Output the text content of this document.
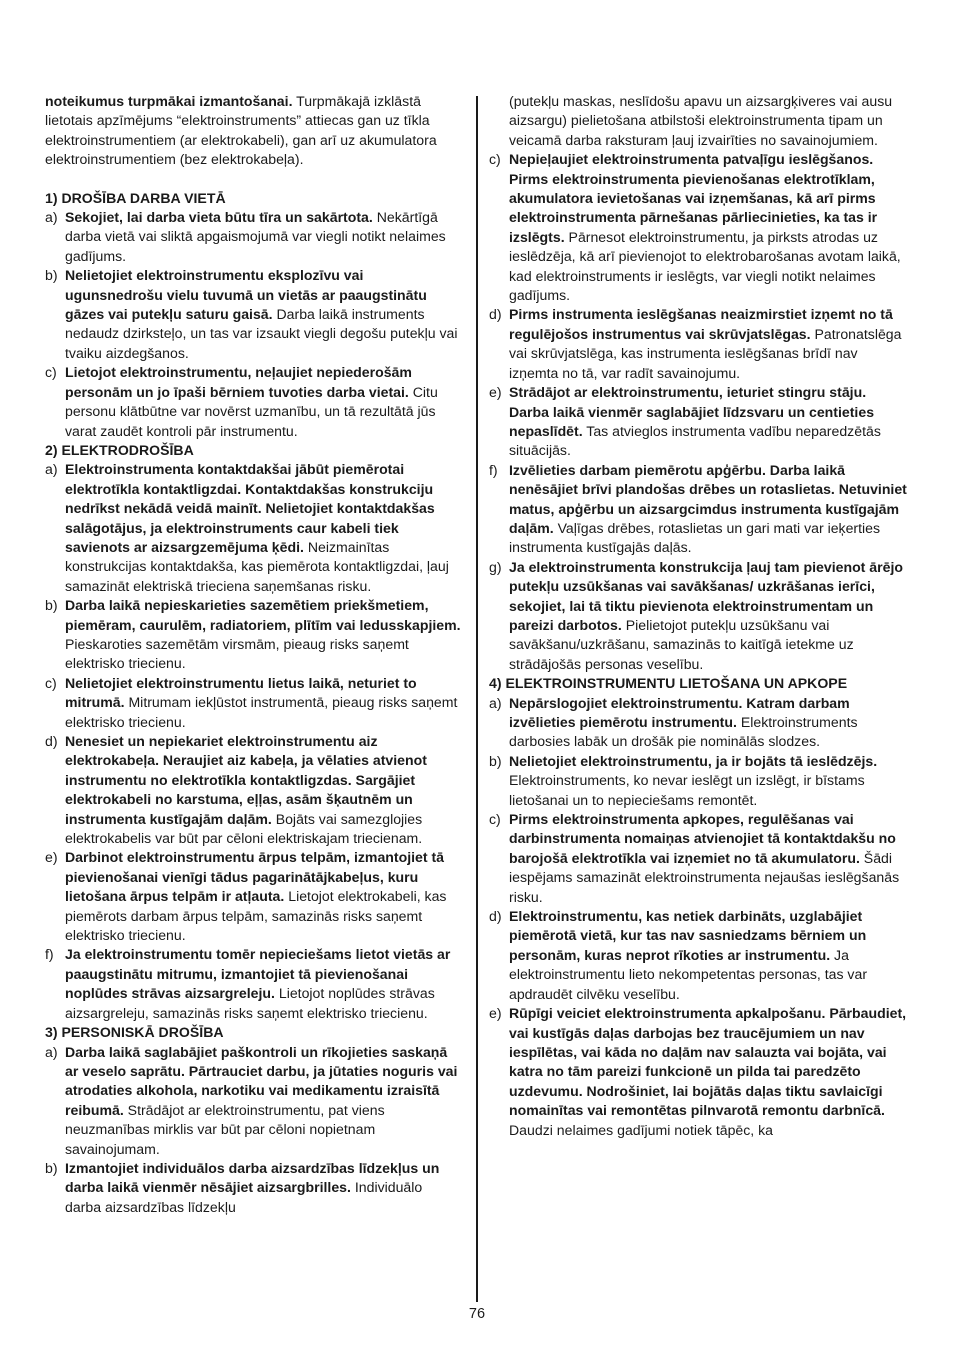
noteikumus turpmākai izmantošanai. Turpmākajā izklāstā lietotais apzīmējums “elektroinstruments” attiecas gan uz tīkla elektroinstrumentiem (ar elektrokabeli), gan arī uz akumulatora elektroinstrumentiem (bez elektrokabeļa).

1) DROŠĪBA DARBA VIETĀ
a) Sekojiet, lai darba vieta būtu tīra un sakārtota. Nekārtīgā darba vietā vai sliktā apgaismojumā var viegli notikt nelaimes gadījums.

b) Nelietojiet elektroinstrumentu eksplozīvu vai ugunsnedrošu vielu tuvumā un vietās ar paaugstinātu gāzes vai putekļu saturu gaisā. Darba laikā instruments nedaudz dzirksteļo, un tas var izsaukt viegli degošu putekļu vai tvaiku aizdegšanos.

c) Lietojot elektroinstrumentu, neļaujiet nepiederošām personām un jo īpaši bērniem tuvoties darba vietai. Citu personu klātbūtne var novērst uzmanību, un tā rezultātā jūs varat zaudēt kontroli pār instrumentu.

2) ELEKTRODROŠĪBA
a) Elektroinstrumenta kontaktdakšai jābūt piemērotai elektrotīkla kontaktligzdai. Kontaktdakšas konstrukciju nedrīkst nekādā veidā mainīt. Nelietojiet kontaktdakšas salāgotājus, ja elektroinstruments caur kabeli tiek savienots ar aizsargzemējuma ķēdi. Neizmainītas konstrukcijas kontaktdakša, kas piemērota kontaktligzdai, ļauj samazināt elektriskā trieciena saņemšanas risku.

b) Darba laikā nepieskarieties sazemētiem priekšmetiem, piemēram, caurulēm, radiatoriem, plītīm vai ledusskapjiem. Pieskaroties sazemētām virsmām, pieaug risks saņemt elektrisko triecienu.

c) Nelietojiet elektroinstrumentu lietus laikā, neturiet to mitrumā. Mitrumam iekļūstot instrumentā, pieaug risks saņemt elektrisko triecienu.

d) Nenesiet un nepiekariet elektroinstrumentu aiz elektrokabeļa. Neraujiet aiz kabeļa, ja vēlaties atvienot instrumentu no elektrotīkla kontaktligzdas. Sargājiet elektrokabeli no karstuma, eļļas, asām šķautnēm un instrumenta kustīgajām daļām. Bojāts vai samezglojies elektrokabelis var būt par cēloni elektriskajam triecienam.

e) Darbinot elektroinstrumentu ārpus telpām, izmantojiet tā pievienošanai vienīgi tādus pagarinātājkabeļus, kuru lietošana ārpus telpām ir atļauta. Lietojot elektrokabeli, kas piemērots darbam ārpus telpām, samazinās risks saņemt elektrisko triecienu.

f) Ja elektroinstrumentu tomēr nepieciešams lietot vietās ar paaugstinātu mitrumu, izmantojiet tā pievienošanai noplūdes strāvas aizsargreleju. Lietojot noplūdes strāvas aizsargreleju, samazinās risks saņemt elektrisko triecienu.

3) PERSONISKĀ DROŠĪBA
a) Darba laikā saglabājiet paškontroli un rīkojieties saskaņā ar veselo saprātu. Pārtrauciet darbu, ja jūtaties noguris vai atrodaties alkohola, narkotiku vai medikamentu izraisītā reibumā. Strādājot ar elektroinstrumentu, pat viens neuzmanības mirklis var būt par cēloni nopietnam savainojumam.

b) Izmantojiet individuālos darba aizsardzības līdzekļus un darba laikā vienmēr nēsājiet aizsargbrilles. Individuālo darba aizsardzības līdzekļu

(putekļu maskas, neslīdošu apavu un aizsargķiveres vai ausu aizsargu) pielietošana atbilstoši elektroinstrumenta tipam un veicamā darba raksturam ļauj izvairīties no savainojumiem.

c) Nepieļaujiet elektroinstrumenta patvaļīgu ieslēgšanos. Pirms elektroinstrumenta pievienošanas elektrotīklam, akumulatora ievietošanas vai izņemšanas, kā arī pirms elektroinstrumenta pārnešanas pārliecinieties, ka tas ir izslēgts. Pārnesot elektroinstrumentu, ja pirksts atrodas uz ieslēdzēja, kā arī pievienojot to elektrobarošanas avotam laikā, kad elektroinstruments ir ieslēgts, var viegli notikt nelaimes gadījums.

d) Pirms instrumenta ieslēgšanas neaizmirstiet izņemt no tā regulējošos instrumentus vai skrūvjatslēgas. Patronatslēga vai skrūvjatslēga, kas instrumenta ieslēgšanas brīdī nav izņemta no tā, var radīt savainojumu.

e) Strādājot ar elektroinstrumentu, ieturiet stingru stāju. Darba laikā vienmēr saglabājiet līdzsvaru un centieties nepaslīdēt. Tas atvieglos instrumenta vadību neparedzētās situācijās.

f) Izvēlieties darbam piemērotu apģērbu. Darba laikā nenēsājiet brīvi plandošas drēbes un rotaslietas. Netuviniet matus, apģērbu un aizsargcimdus instrumenta kustīgajām daļām. Vaļīgas drēbes, rotaslietas un gari mati var ieķerties instrumenta kustīgajās daļās.

g) Ja elektroinstrumenta konstrukcija ļauj tam pievienot ārējo putekļu uzsūkšanas vai savākšanas/ uzkrāšanas ierīci, sekojiet, lai tā tiktu pievienota elektroinstrumentam un pareizi darbotos. Pielietojot putekļu uzsūkšanu vai savākšanu/uzkrāšanu, samazinās to kaitīgā ietekme uz strādājošās personas veselību.

4) ELEKTROINSTRUMENTU LIETOŠANA UN APKOPE
a) Nepārslogojiet elektroinstrumentu. Katram darbam izvēlieties piemērotu instrumentu. Elektroinstruments darbosies labāk un drošāk pie nominālās slodzes.

b) Nelietojiet elektroinstrumentu, ja ir bojāts tā ieslēdzējs. Elektroinstruments, ko nevar ieslēgt un izslēgt, ir bīstams lietošanai un to nepieciešams remontēt.

c) Pirms elektroinstrumenta apkopes, regulēšanas vai darbinstrumenta nomaiņas atvienojiet tā kontaktdakšu no barojošā elektrotīkla vai izņemiet no tā akumulatoru. Šādi iespējams samazināt elektroinstrumenta nejaušas ieslēgšanās risku.

d) Elektroinstrumentu, kas netiek darbināts, uzglabājiet piemērotā vietā, kur tas nav sasniedzams bērniem un personām, kuras neprot rīkoties ar instrumentu. Ja elektroinstrumentu lieto nekompetentas personas, tas var apdraudēt cilvēku veselību.

e) Rūpīgi veiciet elektroinstrumenta apkalpošanu. Pārbaudiet, vai kustīgās daļas darbojas bez traucējumiem un nav iespīlētas, vai kāda no daļām nav salauzta vai bojāta, vai katra no tām pareizi funkcionē un pilda tai paredzēto uzdevumu. Nodrošiniet, lai bojātās daļas tiktu savlaicīgi nomainītas vai remontētas pilnvarotā remontu darbnīcā. Daudzi nelaimes gadījumi notiek tāpēc, ka

76
